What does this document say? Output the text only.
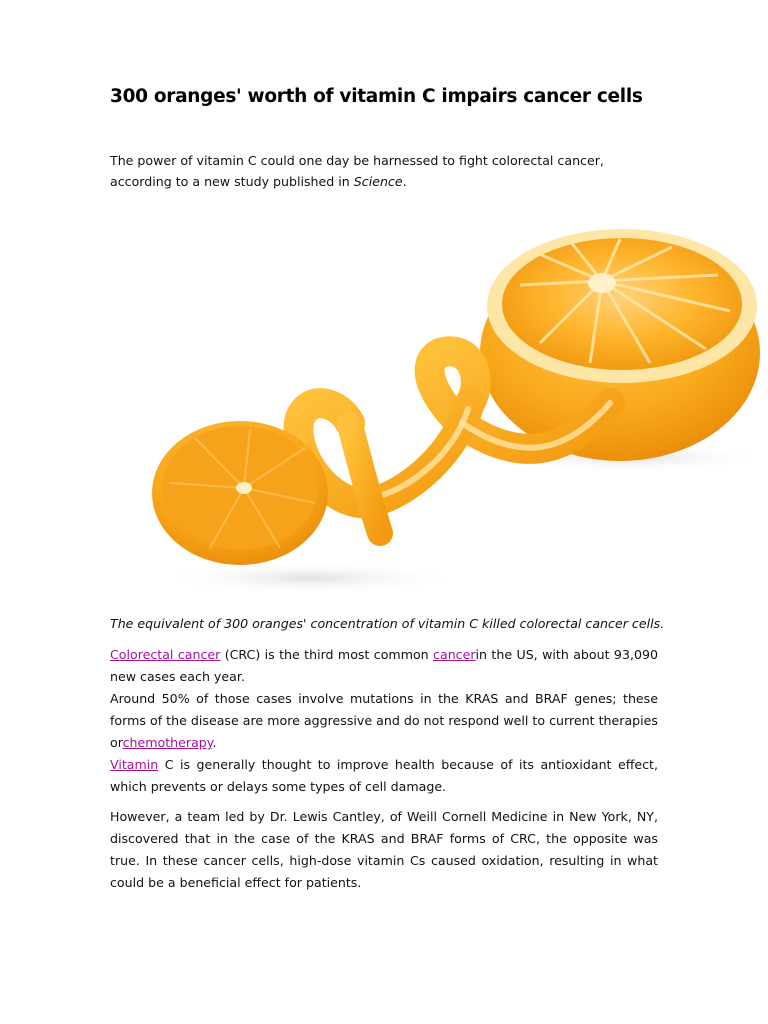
300 oranges' worth of vitamin C impairs cancer cells

The power of vitamin C could one day be harnessed to fight colorectal cancer, according to a new study published in Science.

The equivalent of 300 oranges' concentration of vitamin C killed colorectal cancer cells.

Colorectal cancer (CRC) is the third most common cancerin the US, with about 93,090 new cases each year.

Around 50% of those cases involve mutations in the KRAS and BRAF genes; these forms of the disease are more aggressive and do not respond well to current therapies orchemotherapy.

Vitamin C is generally thought to improve health because of its antioxidant effect, which prevents or delays some types of cell damage.

However, a team led by Dr. Lewis Cantley, of Weill Cornell Medicine in New York, NY, discovered that in the case of the KRAS and BRAF forms of CRC, the opposite was true. In these cancer cells, high-dose vitamin Cs caused oxidation, resulting in what could be a beneficial effect for patients.
